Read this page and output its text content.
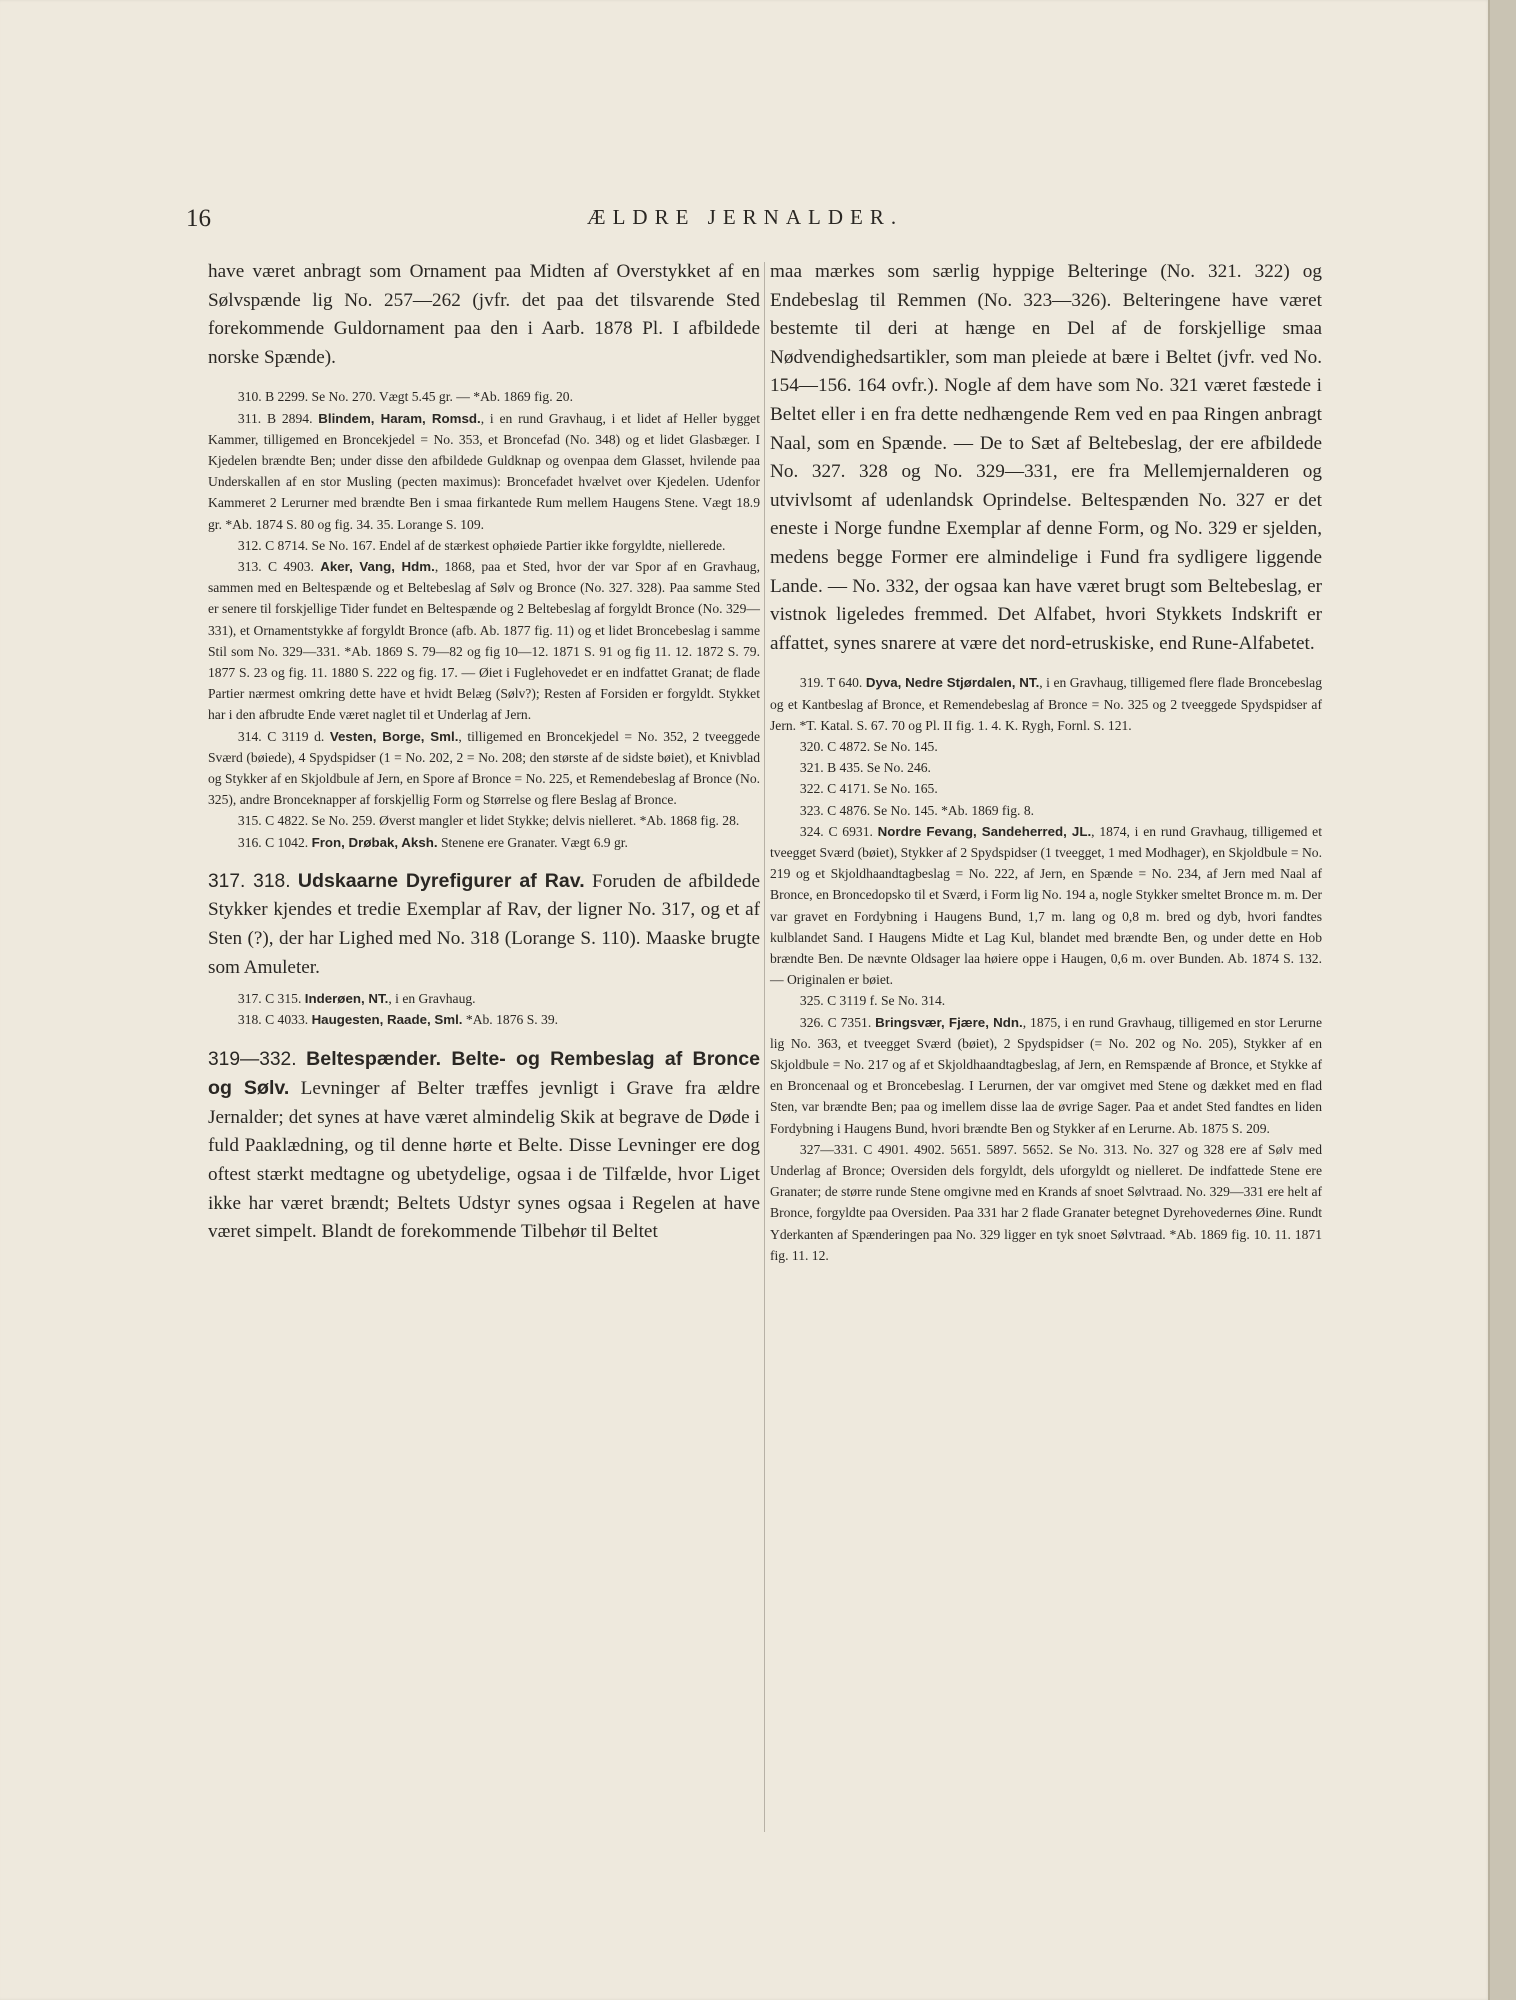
16	ÆLDRE JERNALDER.

have været anbragt som Ornament paa Midten af Overstykket af en Sølvspænde lig No. 257—262 (jvfr. det paa det tilsvarende Sted forekommende Guldornament paa den i Aarb. 1878 Pl. I afbildede norske Spænde).

310. B 2299. Se No. 270. Vægt 5.45 gr. — *Ab. 1869 fig. 20.

311. B 2894. Blindem, Haram, Romsd., i en rund Gravhaug, i et lidet af Heller bygget Kammer, tilligemed en Broncekjedel = No. 353, et Broncefad (No. 348) og et lidet Glasbæger. I Kjedelen brændte Ben; under disse den afbildede Guldknap og ovenpaa dem Glasset, hvilende paa Underskallen af en stor Musling (pecten maximus): Broncefadet hvælvet over Kjedelen. Udenfor Kammeret 2 Lerurner med brændte Ben i smaa firkantede Rum mellem Haugens Stene. Vægt 18.9 gr. *Ab. 1874 S. 80 og fig. 34. 35. Lorange S. 109.

312. C 8714. Se No. 167. Endel af de stærkest ophøiede Partier ikke forgyldte, niellerede.

313. C 4903. Aker, Vang, Hdm., 1868, paa et Sted, hvor der var Spor af en Gravhaug, sammen med en Beltespænde og et Beltebeslag af Sølv og Bronce (No. 327. 328). Paa samme Sted er senere til forskjellige Tider fundet en Beltespænde og 2 Beltebeslag af forgyldt Bronce (No. 329—331), et Ornamentstykke af forgyldt Bronce (afb. Ab. 1877 fig. 11) og et lidet Broncebeslag i samme Stil som No. 329—331. *Ab. 1869 S. 79—82 og fig 10—12. 1871 S. 91 og fig 11. 12. 1872 S. 79. 1877 S. 23 og fig. 11. 1880 S. 222 og fig. 17. — Øiet i Fuglehovedet er en indfattet Granat; de flade Partier nærmest omkring dette have et hvidt Belæg (Sølv?); Resten af Forsiden er forgyldt. Stykket har i den afbrudte Ende været naglet til et Underlag af Jern.

314. C 3119 d. Vesten, Borge, Sml., tilligemed en Broncekjedel = No. 352, 2 tveeggede Sværd (bøiede), 4 Spydspidser (1 = No. 202, 2 = No. 208; den største af de sidste bøiet), et Knivblad og Stykker af en Skjoldbule af Jern, en Spore af Bronce = No. 225, et Remendebeslag af Bronce (No. 325), andre Bronceknapper af forskjellig Form og Størrelse og flere Beslag af Bronce.

315. C 4822. Se No. 259. Øverst mangler et lidet Stykke; delvis nielleret. *Ab. 1868 fig. 28.

316. C 1042. Fron, Drøbak, Aksh. Stenene ere Granater. Vægt 6.9 gr.

317. 318. Udskaarne Dyrefigurer af Rav. Foruden de afbildede Stykker kjendes et tredie Exemplar af Rav, der ligner No. 317, og et af Sten (?), der har Lighed med No. 318 (Lorange S. 110). Maaske brugte som Amuleter.

317. C 315. Inderøen, NT., i en Gravhaug.

318. C 4033. Haugesten, Raade, Sml. *Ab. 1876 S. 39.

319—332. Beltespænder. Belte- og Rembeslag af Bronce og Sølv. Levninger af Belter træffes jevnligt i Grave fra ældre Jernalder; det synes at have været almindelig Skik at begrave de Døde i fuld Paaklædning, og til denne hørte et Belte. Disse Levninger ere dog oftest stærkt medtagne og ubetydelige, ogsaa i de Tilfælde, hvor Liget ikke har været brændt; Beltets Udstyr synes ogsaa i Regelen at have været simpelt. Blandt de forekommende Tilbehør til Beltet

maa mærkes som særlig hyppige Belteringe (No. 321. 322) og Endebeslag til Remmen (No. 323—326). Belteringene have været bestemte til deri at hænge en Del af de forskjellige smaa Nødvendighedsartikler, som man pleiede at bære i Beltet (jvfr. ved No. 154—156. 164 ovfr.). Nogle af dem have som No. 321 været fæstede i Beltet eller i en fra dette nedhængende Rem ved en paa Ringen anbragt Naal, som en Spænde. — De to Sæt af Beltebeslag, der ere afbildede No. 327. 328 og No. 329—331, ere fra Mellemjernalderen og utvivlsomt af udenlandsk Oprindelse. Beltespænden No. 327 er det eneste i Norge fundne Exemplar af denne Form, og No. 329 er sjelden, medens begge Former ere almindelige i Fund fra sydligere liggende Lande. — No. 332, der ogsaa kan have været brugt som Beltebeslag, er vistnok ligeledes fremmed. Det Alfabet, hvori Stykkets Indskrift er affattet, synes snarere at være det nord-etruskiske, end Rune-Alfabetet.

319. T 640. Dyva, Nedre Stjørdalen, NT., i en Gravhaug, tilligemed flere flade Broncebeslag og et Kantbeslag af Bronce, et Remendebeslag af Bronce = No. 325 og 2 tveeggede Spydspidser af Jern. *T. Katal. S. 67. 70 og Pl. II fig. 1. 4. K. Rygh, Fornl. S. 121.

320. C 4872. Se No. 145.

321. B 435. Se No. 246.

322. C 4171. Se No. 165.

323. C 4876. Se No. 145. *Ab. 1869 fig. 8.

324. C 6931. Nordre Fevang, Sandeherred, JL., 1874, i en rund Gravhaug, tilligemed et tveegget Sværd (bøiet), Stykker af 2 Spydspidser (1 tveegget, 1 med Modhager), en Skjoldbule = No. 219 og et Skjoldhaandtagbeslag = No. 222, af Jern, en Spænde = No. 234, af Jern med Naal af Bronce, en Broncedopsko til et Sværd, i Form lig No. 194 a, nogle Stykker smeltet Bronce m. m. Der var gravet en Fordybning i Haugens Bund, 1,7 m. lang og 0,8 m. bred og dyb, hvori fandtes kulblandet Sand. I Haugens Midte et Lag Kul, blandet med brændte Ben, og under dette en Hob brændte Ben. De nævnte Oldsager laa høiere oppe i Haugen, 0,6 m. over Bunden. Ab. 1874 S. 132. — Originalen er bøiet.

325. C 3119 f. Se No. 314.

326. C 7351. Bringsvær, Fjære, Ndn., 1875, i en rund Gravhaug, tilligemed en stor Lerurne lig No. 363, et tveegget Sværd (bøiet), 2 Spydspidser (= No. 202 og No. 205), Stykker af en Skjoldbule = No. 217 og af et Skjoldhaandtagbeslag, af Jern, en Remspænde af Bronce, et Stykke af en Broncenaal og et Broncebeslag. I Lerurnen, der var omgivet med Stene og dækket med en flad Sten, var brændte Ben; paa og imellem disse laa de øvrige Sager. Paa et andet Sted fandtes en liden Fordybning i Haugens Bund, hvori brændte Ben og Stykker af en Lerurne. Ab. 1875 S. 209.

327—331. C 4901. 4902. 5651. 5897. 5652. Se No. 313. No. 327 og 328 ere af Sølv med Underlag af Bronce; Oversiden dels forgyldt, dels uforgyldt og nielleret. De indfattede Stene ere Granater; de større runde Stene omgivne med en Krands af snoet Sølvtraad. No. 329—331 ere helt af Bronce, forgyldte paa Oversiden. Paa 331 har 2 flade Granater betegnet Dyrehovedernes Øine. Rundt Yderkanten af Spænderingen paa No. 329 ligger en tyk snoet Sølvtraad. *Ab. 1869 fig. 10. 11. 1871 fig. 11. 12.
